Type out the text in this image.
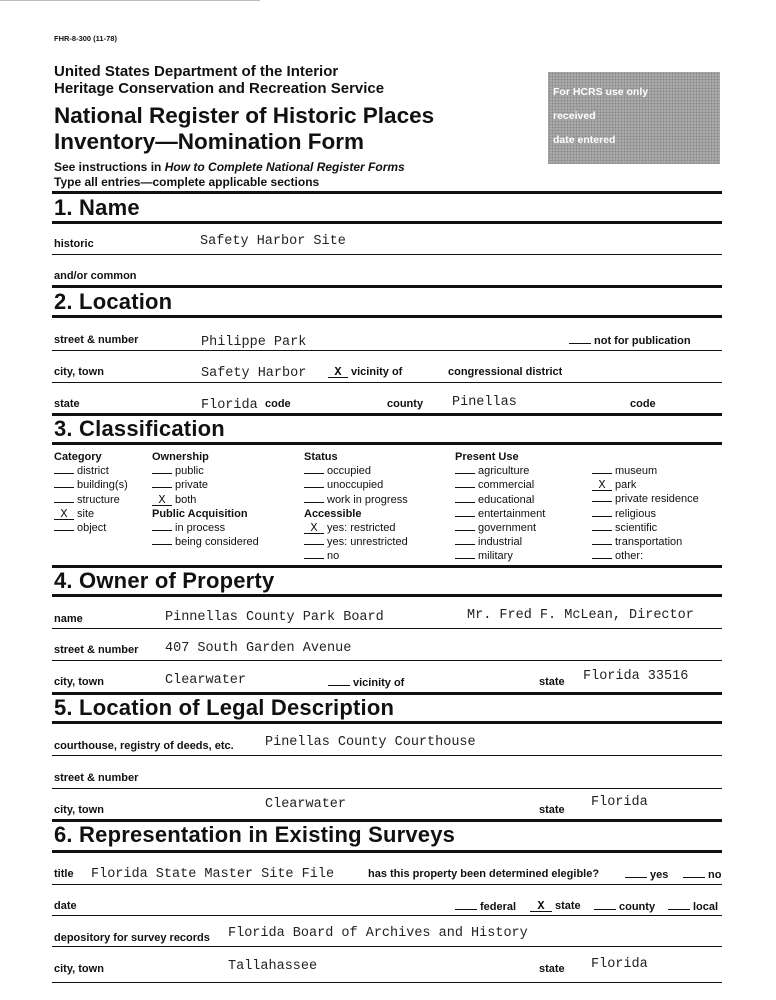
FHR-8-300 (11-78)
United States Department of the Interior
Heritage Conservation and Recreation Service
National Register of Historic Places
Inventory—Nomination Form
See instructions in How to Complete National Register Forms
Type all entries—complete applicable sections
For HCRS use only
received
date entered
1. Name
historic	Safety Harbor Site
and/or common
2. Location
street & number	Philippe Park	not for publication
city, town	Safety Harbor	X vicinity of	congressional district
state	Florida code	county Pinellas	code
3. Classification
Category
district
building(s)
structure
X site
object
Ownership
public
private
X both
Public Acquisition
in process
being considered
Status
occupied
unoccupied
work in progress
Accessible
X yes: restricted
yes: unrestricted
no
Present Use
agriculture
commercial
educational
entertainment
government
industrial
military
museum
X park
private residence
religious
scientific
transportation
other:
4. Owner of Property
name	Pinnellas County Park Board	Mr. Fred F. McLean, Director
street & number 407 South Garden Avenue
city, town	Clearwater	vicinity of	state Florida 33516
5. Location of Legal Description
courthouse, registry of deeds, etc. Pinellas County Courthouse
street & number
city, town	Clearwater	state Florida
6. Representation in Existing Surveys
title Florida State Master Site File	has this property been determined elegible?	yes	no
date	federal	X state	county	local
depository for survey records Florida Board of Archives and History
city, town	Tallahassee	state Florida
